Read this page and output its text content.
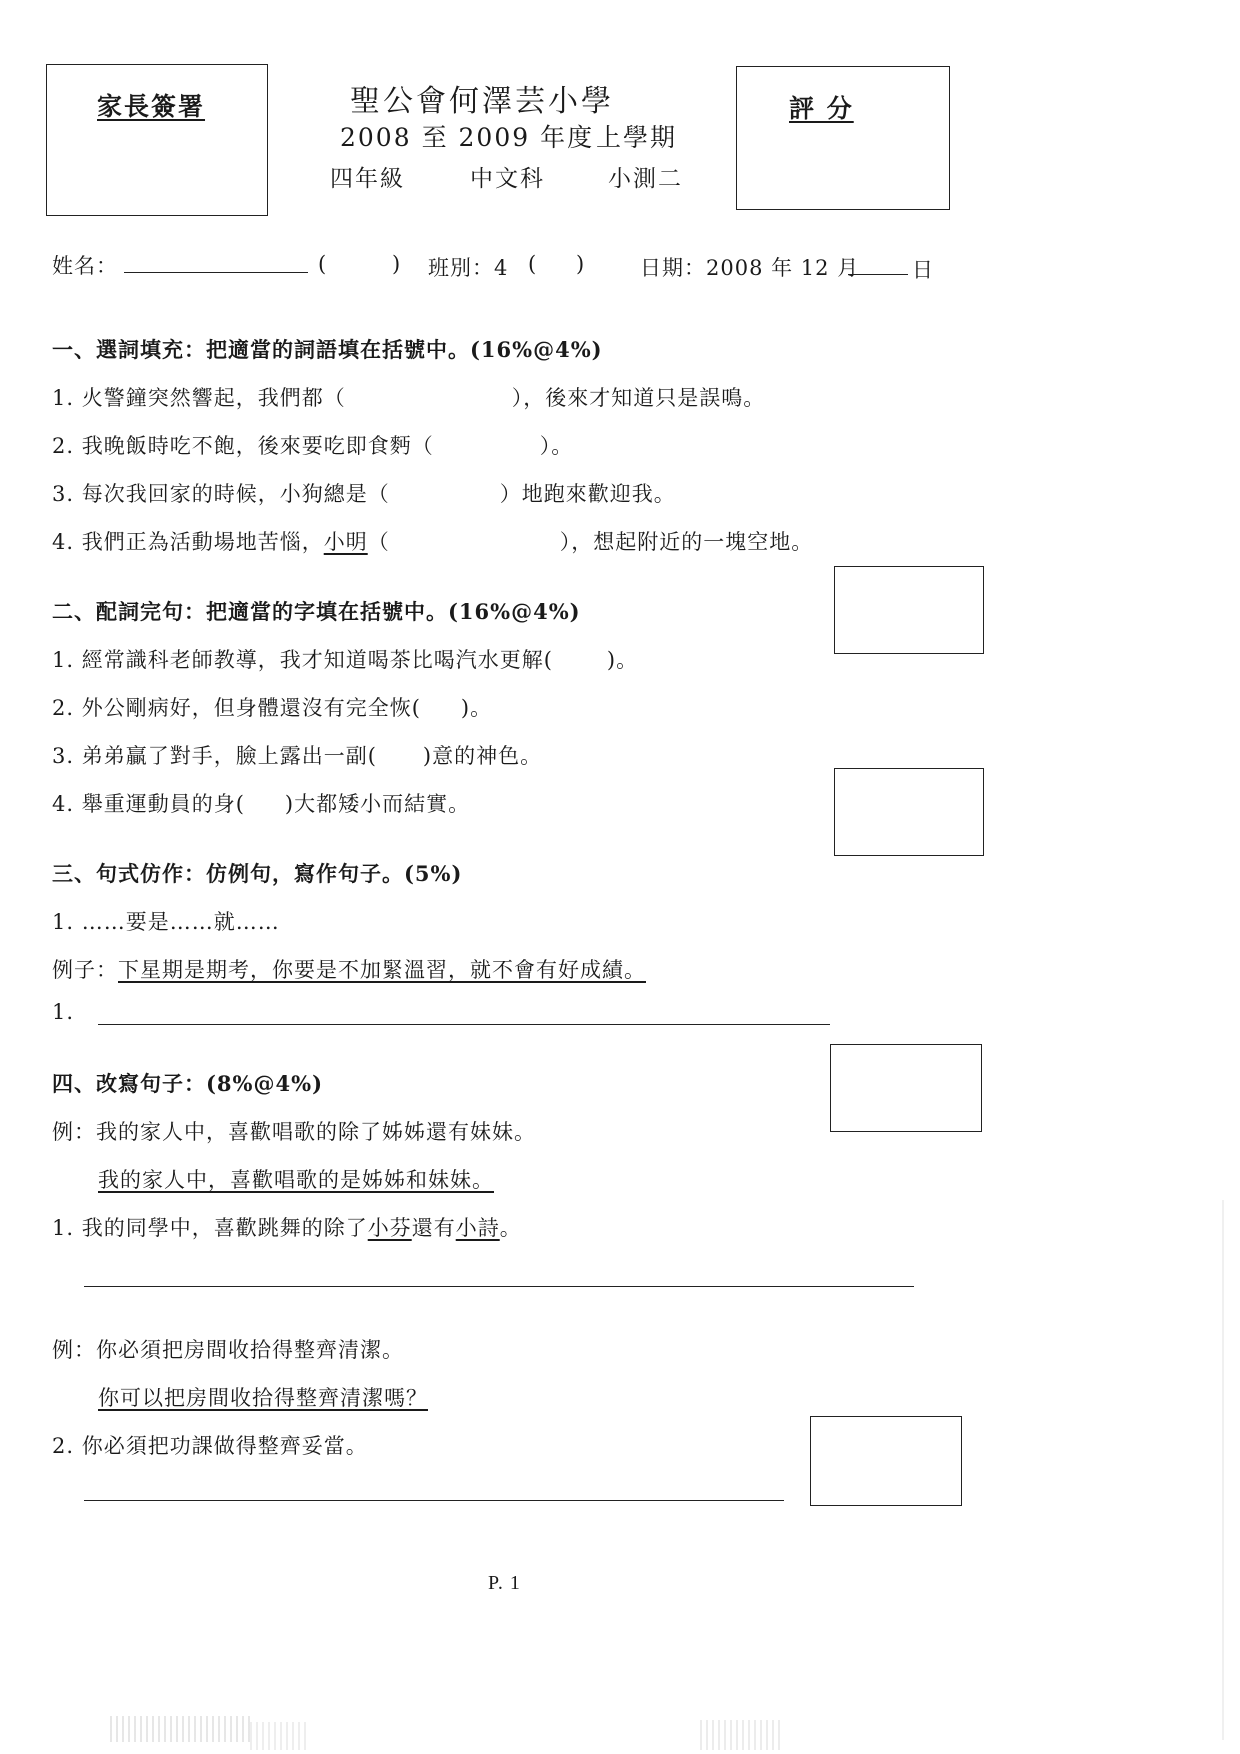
家長簽署	評 分
聖公會何澤芸小學
2008 至 2009 年度 上學期
四年級	中文科	小測二
姓名：	(	) 班別：4 ( )	日期：2008 年 12 月	日
一、選詞填充：把適當的詞語填在括號中。(16%@4%)
1. 火警鐘突然響起，我們都（	），後來才知道只是誤鳴。
2. 我晚飯時吃不飽，後來要吃即食麪（	）。
3. 每次我回家的時候，小狗總是（	）地跑來歡迎我。
4. 我們正為活動場地苦惱，小明（	），想起附近的一塊空地。
二、配詞完句：把適當的字填在括號中。(16%@4%)
1. 經常識科老師教導，我才知道喝茶比喝汽水更解(	)。
2. 外公剛病好，但身體還沒有完全恢( )。
3. 弟弟贏了對手，臉上露出一副( )意的神色。
4. 舉重運動員的身( )大都矮小而結實。
三、句式仿作：仿例句，寫作句子。(5%)
1. ……要是……就……
例子：下星期是期考，你要是不加緊溫習，就不會有好成績。
1.
四、改寫句子：(8%@4%)
例：我的家人中，喜歡唱歌的除了姊姊還有妹妹。
我的家人中，喜歡唱歌的是姊姊和妹妹。
1. 我的同學中，喜歡跳舞的除了小芬還有小詩。
例：你必須把房間收拾得整齊清潔。
你可以把房間收拾得整齊清潔嗎？
2. 你必須把功課做得整齊妥當。
P. 1
